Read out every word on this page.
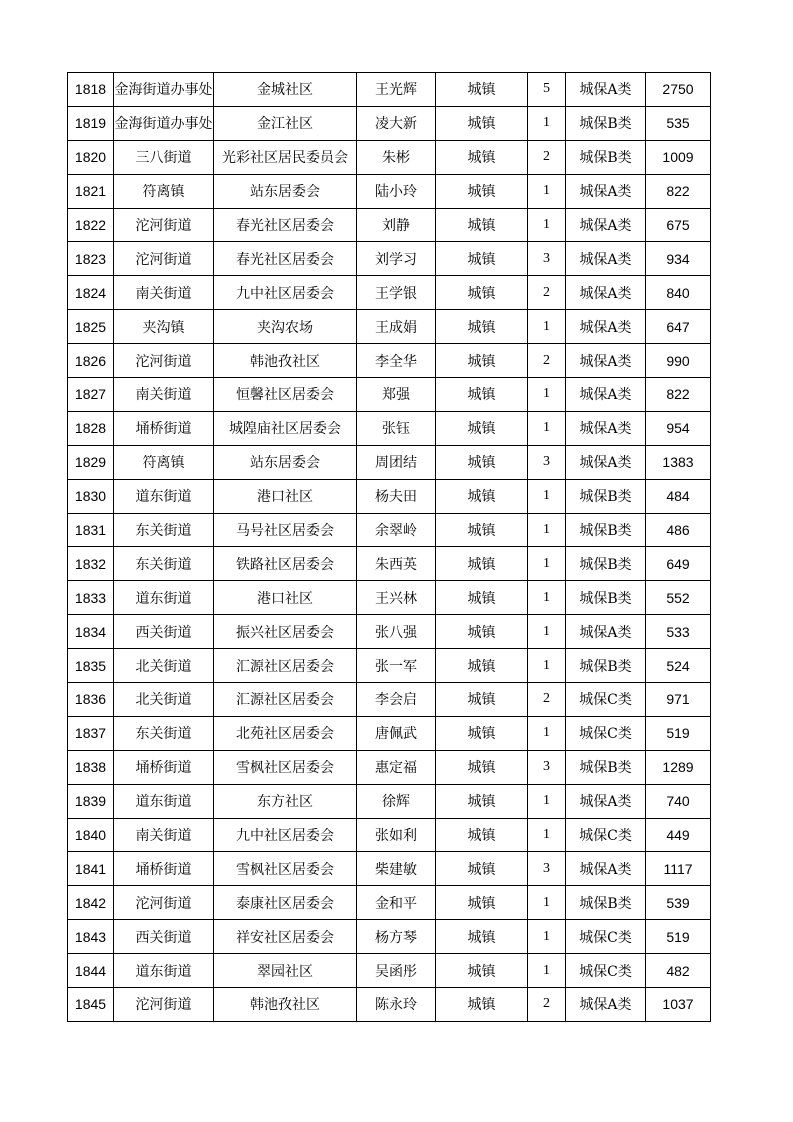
1818	金海街道办事处	金城社区	王光辉	城镇	5	城保A类	2750
1819	金海街道办事处	金江社区	凌大新	城镇	1	城保B类	535
1820	三八街道	光彩社区居民委员会	朱彬	城镇	2	城保B类	1009
1821	符离镇	站东居委会	陆小玲	城镇	1	城保A类	822
1822	沱河街道	春光社区居委会	刘静	城镇	1	城保A类	675
1823	沱河街道	春光社区居委会	刘学习	城镇	3	城保A类	934
1824	南关街道	九中社区居委会	王学银	城镇	2	城保A类	840
1825	夹沟镇	夹沟农场	王成娟	城镇	1	城保A类	647
1826	沱河街道	韩池孜社区	李全华	城镇	2	城保A类	990
1827	南关街道	恒馨社区居委会	郑强	城镇	1	城保A类	822
1828	埇桥街道	城隍庙社区居委会	张钰	城镇	1	城保A类	954
1829	符离镇	站东居委会	周团结	城镇	3	城保A类	1383
1830	道东街道	港口社区	杨夫田	城镇	1	城保B类	484
1831	东关街道	马号社区居委会	余翠岭	城镇	1	城保B类	486
1832	东关街道	铁路社区居委会	朱西英	城镇	1	城保B类	649
1833	道东街道	港口社区	王兴林	城镇	1	城保B类	552
1834	西关街道	振兴社区居委会	张八强	城镇	1	城保A类	533
1835	北关街道	汇源社区居委会	张一军	城镇	1	城保B类	524
1836	北关街道	汇源社区居委会	李会启	城镇	2	城保C类	971
1837	东关街道	北苑社区居委会	唐佩武	城镇	1	城保C类	519
1838	埇桥街道	雪枫社区居委会	惠定福	城镇	3	城保B类	1289
1839	道东街道	东方社区	徐辉	城镇	1	城保A类	740
1840	南关街道	九中社区居委会	张如利	城镇	1	城保C类	449
1841	埇桥街道	雪枫社区居委会	柴建敏	城镇	3	城保A类	1117
1842	沱河街道	泰康社区居委会	金和平	城镇	1	城保B类	539
1843	西关街道	祥安社区居委会	杨方琴	城镇	1	城保C类	519
1844	道东街道	翠园社区	吴函彤	城镇	1	城保C类	482
1845	沱河街道	韩池孜社区	陈永玲	城镇	2	城保A类	1037
